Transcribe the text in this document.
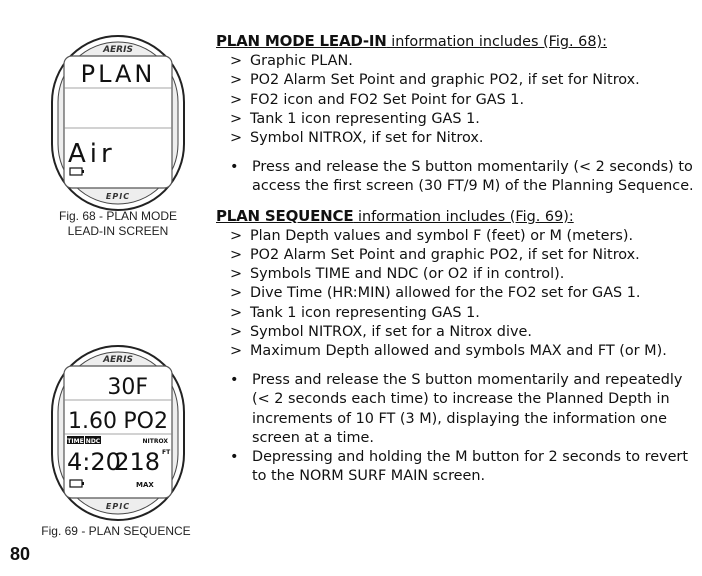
AERIS
PLAN
Air
EPIC
Fig. 68 - PLAN MODE
LEAD-IN SCREEN
AERIS
30F
1.60 PO2
TIME NDC	NITROX
4:20
218 FT
MAX
EPIC
Fig. 69 - PLAN SEQUENCE
80

PLAN MODE LEAD-IN information includes (Fig. 68):

> Graphic PLAN.
> PO2 Alarm Set Point and graphic PO2, if set for Nitrox.
> FO2 icon and FO2 Set Point for GAS 1.
> Tank 1 icon representing GAS 1.
> Symbol NITROX, if set for Nitrox.
• Press and release the S button momentarily (< 2 seconds) to access the first screen (30 FT/9 M) of the Planning Sequence.

PLAN SEQUENCE information includes (Fig. 69):

> Plan Depth values and symbol F (feet) or M (meters).
> PO2 Alarm Set Point and graphic PO2, if set for Nitrox.
> Symbols TIME and NDC (or O2 if in control).
> Dive Time (HR:MIN) allowed for the FO2 set for GAS 1.
> Tank 1 icon representing GAS 1.
> Symbol NITROX, if set for a Nitrox dive.
> Maximum Depth allowed and symbols MAX and FT (or M).
• Press and release the S button momentarily and repeatedly (< 2 seconds each time) to increase the Planned Depth in increments of 10 FT (3 M), displaying the information one screen at a time.
• Depressing and holding the M button for 2 seconds to revert to the NORM SURF MAIN screen.
